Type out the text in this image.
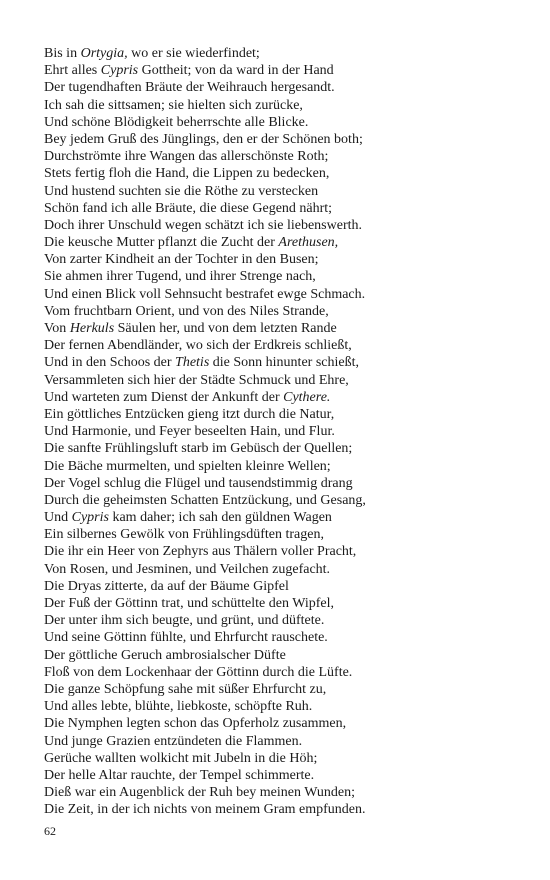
Bis in Ortygia, wo er sie wiederfindet;
Ehrt alles Cypris Gottheit; von da ward in der Hand
Der tugendhaften Bräute der Weihrauch hergesandt.
Ich sah die sittsamen; sie hielten sich zurücke,
Und schöne Blödigkeit beherrschte alle Blicke.
Bey jedem Gruß des Jünglings, den er der Schönen both;
Durchströmte ihre Wangen das allerschönste Roth;
Stets fertig floh die Hand, die Lippen zu bedecken,
Und hustend suchten sie die Röthe zu verstecken
Schön fand ich alle Bräute, die diese Gegend nährt;
Doch ihrer Unschuld wegen schätzt ich sie liebenswerth.
Die keusche Mutter pflanzt die Zucht der Arethusen,
Von zarter Kindheit an der Tochter in den Busen;
Sie ahmen ihrer Tugend, und ihrer Strenge nach,
Und einen Blick voll Sehnsucht bestrafet ewge Schmach.
Vom fruchtbarn Orient, und von des Niles Strande,
Von Herkuls Säulen her, und von dem letzten Rande
Der fernen Abendländer, wo sich der Erdkreis schließt,
Und in den Schoos der Thetis die Sonn hinunter schießt,
Versammleten sich hier der Städte Schmuck und Ehre,
Und warteten zum Dienst der Ankunft der Cythere.
Ein göttliches Entzücken gieng itzt durch die Natur,
Und Harmonie, und Feyer beseelten Hain, und Flur.
Die sanfte Frühlingsluft starb im Gebüsch der Quellen;
Die Bäche murmelten, und spielten kleinre Wellen;
Der Vogel schlug die Flügel und tausendstimmig drang
Durch die geheimsten Schatten Entzückung, und Gesang,
Und Cypris kam daher; ich sah den güldnen Wagen
Ein silbernes Gewölk von Frühlingsdüften tragen,
Die ihr ein Heer von Zephyrs aus Thälern voller Pracht,
Von Rosen, und Jesminen, und Veilchen zugefacht.
Die Dryas zitterte, da auf der Bäume Gipfel
Der Fuß der Göttinn trat, und schüttelte den Wipfel,
Der unter ihm sich beugte, und grünt, und düftete.
Und seine Göttinn fühlte, und Ehrfurcht rauschete.
Der göttliche Geruch ambrosialscher Düfte
Floß von dem Lockenhaar der Göttinn durch die Lüfte.
Die ganze Schöpfung sahe mit süßer Ehrfurcht zu,
Und alles lebte, blühte, liebkoste, schöpfte Ruh.
Die Nymphen legten schon das Opferholz zusammen,
Und junge Grazien entzündeten die Flammen.
Gerüche wallten wolkicht mit Jubeln in die Höh;
Der helle Altar rauchte, der Tempel schimmerte.
Dieß war ein Augenblick der Ruh bey meinen Wunden;
Die Zeit, in der ich nichts von meinem Gram empfunden.
62
